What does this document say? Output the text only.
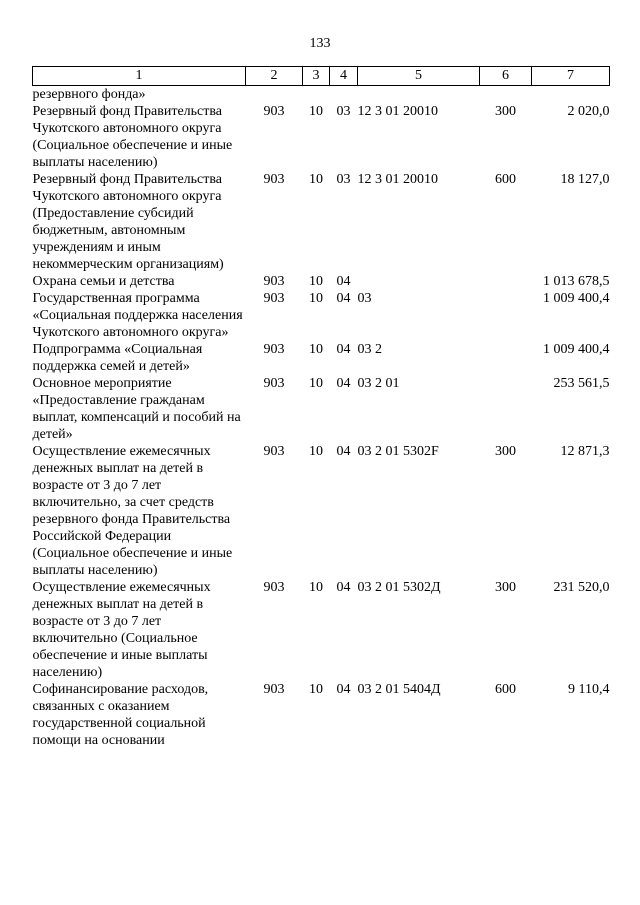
133
1	2	3	4	5	6	7
резервного фонда»						
Резервный фонд Правительства Чукотского автономного округа (Социальное обеспечение и иные выплаты населению)	903	10	03	12 3 01 20010	300	2 020,0
Резервный фонд Правительства Чукотского автономного округа (Предоставление субсидий бюджетным, автономным учреждениям и иным некоммерческим организациям)	903	10	03	12 3 01 20010	600	18 127,0
Охрана семьи и детства	903	10	04			1 013 678,5
Государственная программа «Социальная поддержка населения Чукотского автономного округа»	903	10	04	03		1 009 400,4
Подпрограмма «Социальная поддержка семей и детей»	903	10	04	03 2		1 009 400,4
Основное мероприятие «Предоставление гражданам выплат, компенсаций и пособий на детей»	903	10	04	03 2 01		253 561,5
Осуществление ежемесячных денежных выплат на детей в возрасте от 3 до 7 лет включительно, за счет средств резервного фонда Правительства Российской Федерации (Социальное обеспечение и иные выплаты населению)	903	10	04	03 2 01 5302F	300	12 871,3
Осуществление ежемесячных денежных выплат на детей в возрасте от 3 до 7 лет включительно (Социальное обеспечение и иные выплаты населению)	903	10	04	03 2 01 5302Д	300	231 520,0
Софинансирование расходов, связанных с оказанием государственной социальной помощи на основании	903	10	04	03 2 01 5404Д	600	9 110,4
